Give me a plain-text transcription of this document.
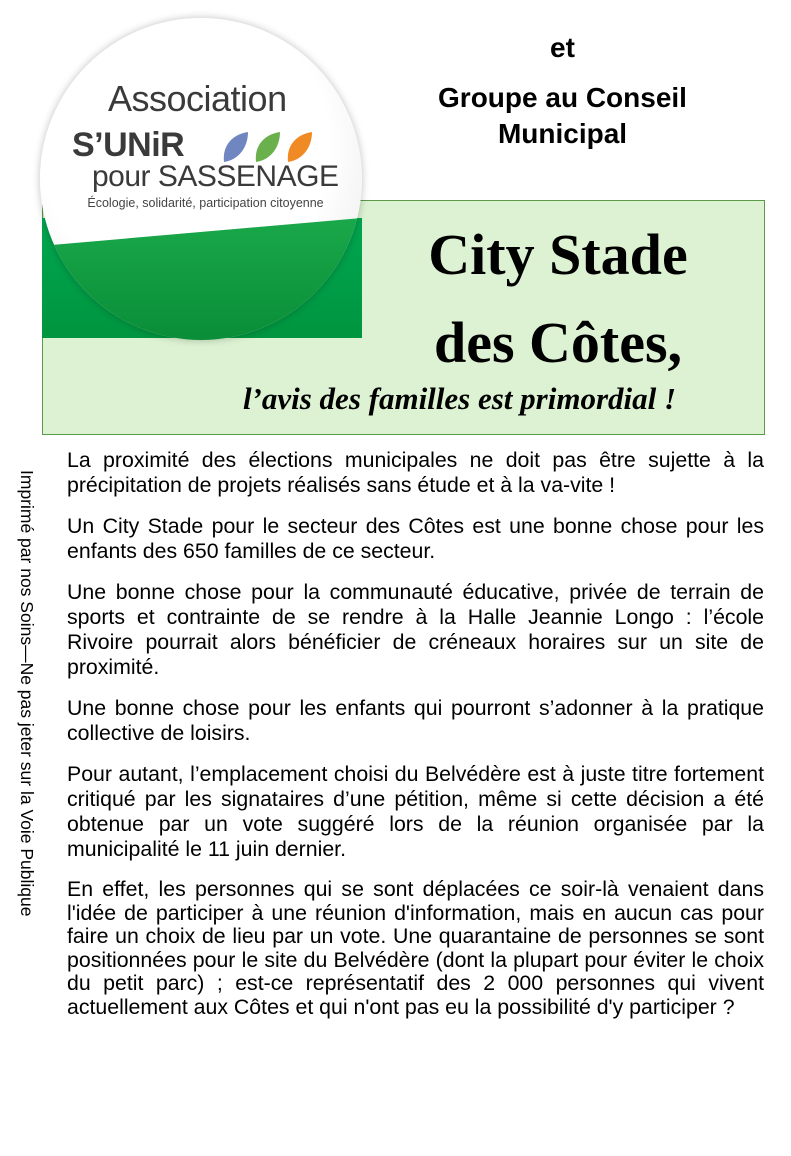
City Stade
des Côtes,
l’avis des familles est primordial !
Association
S’UNiR
pour SASSENAGE
Écologie, solidarité, participation citoyenne
et
Groupe au Conseil Municipal
Imprimé par nos Soins—Ne pas jeter sur la Voie Publique

La proximité des élections municipales ne doit pas être sujette à la précipitation de projets réalisés sans étude et à la va-vite !

Un City Stade pour le secteur des Côtes est une bonne chose pour les enfants des 650 familles de ce secteur.

Une bonne chose pour la communauté éducative, privée de terrain de sports et contrainte de se rendre à la Halle Jeannie Longo : l’école Rivoire pourrait alors bénéficier de créneaux horaires sur un site de proximité.

Une bonne chose pour les enfants qui pourront s’adonner à la pratique collective de loisirs.

Pour autant, l’emplacement choisi du Belvédère est à juste titre fortement critiqué par les signataires d’une pétition, même si cette décision a été obtenue par un vote suggéré lors de la réunion organisée par la municipalité le 11 juin dernier.

En effet, les personnes qui se sont déplacées ce soir-là venaient dans l'idée de participer à une réunion d'information, mais en aucun cas pour faire un choix de lieu par un vote. Une quarantaine de personnes se sont positionnées pour le site du Belvédère (dont la plupart pour éviter le choix du petit parc) ; est-ce représentatif des 2 000 personnes qui vivent actuellement aux Côtes et qui n'ont pas eu la possibilité d'y participer ?
